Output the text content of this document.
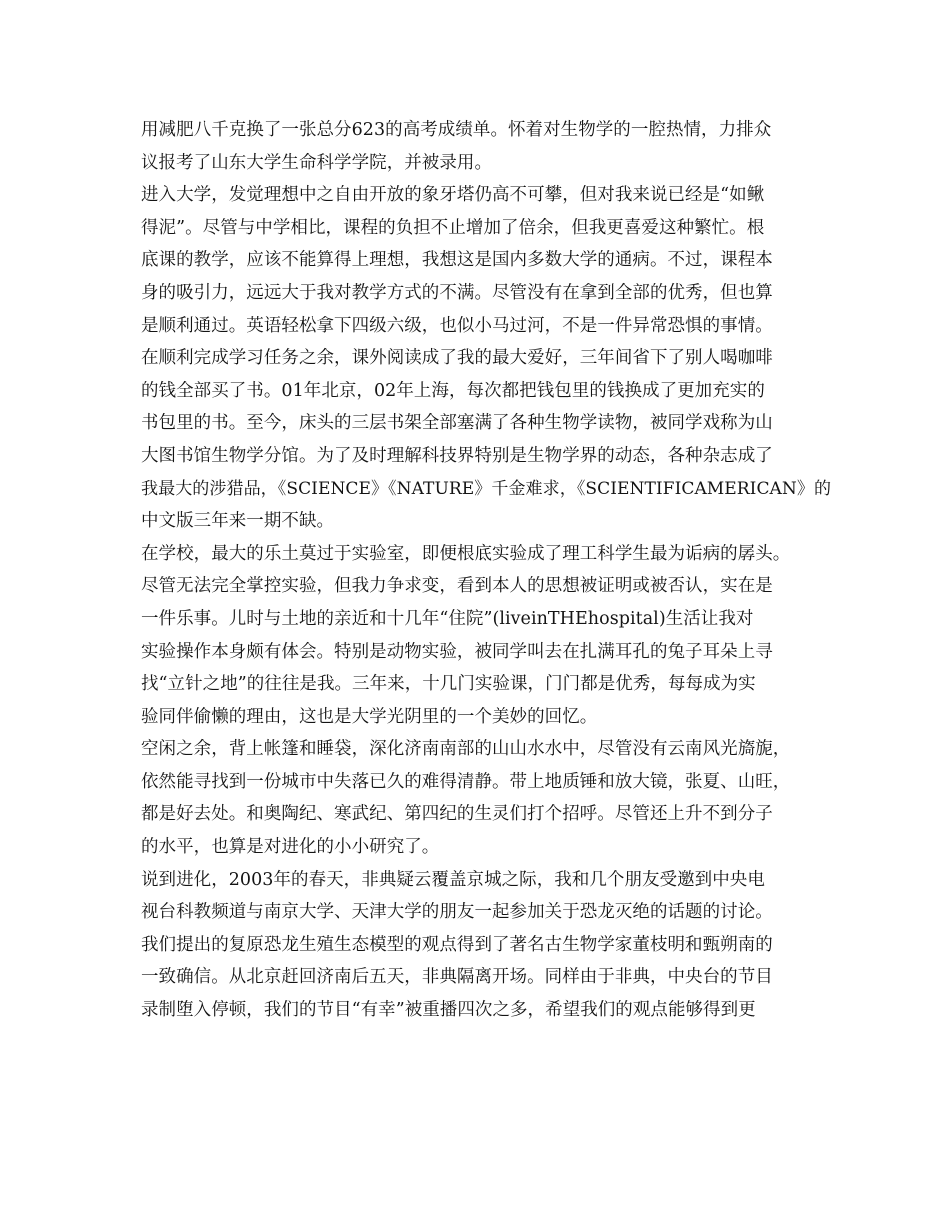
用减肥八千克换了一张总分623的高考成绩单。怀着对生物学的一腔热情，力排众
议报考了山东大学生命科学学院，并被录用。
进入大学，发觉理想中之自由开放的象牙塔仍高不可攀，但对我来说已经是“如鳅
得泥”。尽管与中学相比，课程的负担不止增加了倍余，但我更喜爱这种繁忙。根
底课的教学，应该不能算得上理想，我想这是国内多数大学的通病。不过，课程本
身的吸引力，远远大于我对教学方式的不满。尽管没有在拿到全部的优秀，但也算
是顺利通过。英语轻松拿下四级六级，也似小马过河，不是一件异常恐惧的事情。
在顺利完成学习任务之余，课外阅读成了我的最大爱好，三年间省下了别人喝咖啡
的钱全部买了书。01年北京，02年上海，每次都把钱包里的钱换成了更加充实的
书包里的书。至今，床头的三层书架全部塞满了各种生物学读物，被同学戏称为山
大图书馆生物学分馆。为了及时理解科技界特别是生物学界的动态，各种杂志成了
我最大的涉猎品，《SCIENCE》《NATURE》千金难求，《SCIENTIFICAMERICAN》的
中文版三年来一期不缺。
在学校，最大的乐土莫过于实验室，即便根底实验成了理工科学生最为诟病的孱头。
尽管无法完全掌控实验，但我力争求变，看到本人的思想被证明或被否认，实在是
一件乐事。儿时与土地的亲近和十几年“住院”(liveinTHEhospital)生活让我对
实验操作本身颇有体会。特别是动物实验，被同学叫去在扎满耳孔的兔子耳朵上寻
找“立针之地”的往往是我。三年来，十几门实验课，门门都是优秀，每每成为实
验同伴偷懒的理由，这也是大学光阴里的一个美妙的回忆。
空闲之余，背上帐篷和睡袋，深化济南南部的山山水水中，尽管没有云南风光旖旎，
依然能寻找到一份城市中失落已久的难得清静。带上地质锤和放大镜，张夏、山旺，
都是好去处。和奥陶纪、寒武纪、第四纪的生灵们打个招呼。尽管还上升不到分子
的水平，也算是对进化的小小研究了。
说到进化，2003年的春天，非典疑云覆盖京城之际，我和几个朋友受邀到中央电
视台科教频道与南京大学、天津大学的朋友一起参加关于恐龙灭绝的话题的讨论。
我们提出的复原恐龙生殖生态模型的观点得到了著名古生物学家董枝明和甄朔南的
一致确信。从北京赶回济南后五天，非典隔离开场。同样由于非典，中央台的节目
录制堕入停顿，我们的节目“有幸”被重播四次之多，希望我们的观点能够得到更
